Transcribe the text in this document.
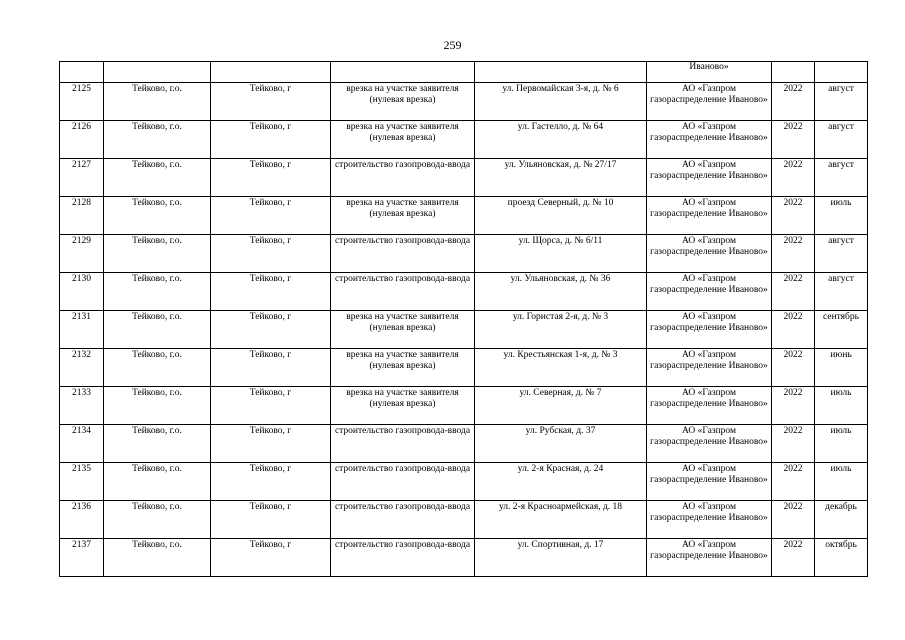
259
					Иваново»		
2125	Тейково, г.о.	Тейково, г	врезка на участке заявителя (нулевая врезка)	ул. Первомайская 3-я, д. № 6	АО «Газпром газораспределение Иваново»	2022	август
2126	Тейково, г.о.	Тейково, г	врезка на участке заявителя (нулевая врезка)	ул. Гастелло, д. № 64	АО «Газпром газораспределение Иваново»	2022	август
2127	Тейково, г.о.	Тейково, г	строительство газопровода-ввода	ул. Ульяновская, д. № 27/17	АО «Газпром газораспределение Иваново»	2022	август
2128	Тейково, г.о.	Тейково, г	врезка на участке заявителя (нулевая врезка)	проезд Северный, д. № 10	АО «Газпром газораспределение Иваново»	2022	июль
2129	Тейково, г.о.	Тейково, г	строительство газопровода-ввода	ул. Щорса, д. № 6/11	АО «Газпром газораспределение Иваново»	2022	август
2130	Тейково, г.о.	Тейково, г	строительство газопровода-ввода	ул. Ульяновская, д. № 36	АО «Газпром газораспределение Иваново»	2022	август
2131	Тейково, г.о.	Тейково, г	врезка на участке заявителя (нулевая врезка)	ул. Гористая 2-я, д. № 3	АО «Газпром газораспределение Иваново»	2022	сентябрь
2132	Тейково, г.о.	Тейково, г	врезка на участке заявителя (нулевая врезка)	ул. Крестьянская 1-я, д. № 3	АО «Газпром газораспределение Иваново»	2022	июнь
2133	Тейково, г.о.	Тейково, г	врезка на участке заявителя (нулевая врезка)	ул. Северная, д. № 7	АО «Газпром газораспределение Иваново»	2022	июль
2134	Тейково, г.о.	Тейково, г	строительство газопровода-ввода	ул. Рубская, д. 37	АО «Газпром газораспределение Иваново»	2022	июль
2135	Тейково, г.о.	Тейково, г	строительство газопровода-ввода	ул. 2-я Красная, д. 24	АО «Газпром газораспределение Иваново»	2022	июль
2136	Тейково, г.о.	Тейково, г	строительство газопровода-ввода	ул. 2-я Красноармейская, д. 18	АО «Газпром газораспределение Иваново»	2022	декабрь
2137	Тейково, г.о.	Тейково, г	строительство газопровода-ввода	ул. Спортивная, д. 17	АО «Газпром газораспределение Иваново»	2022	октябрь
